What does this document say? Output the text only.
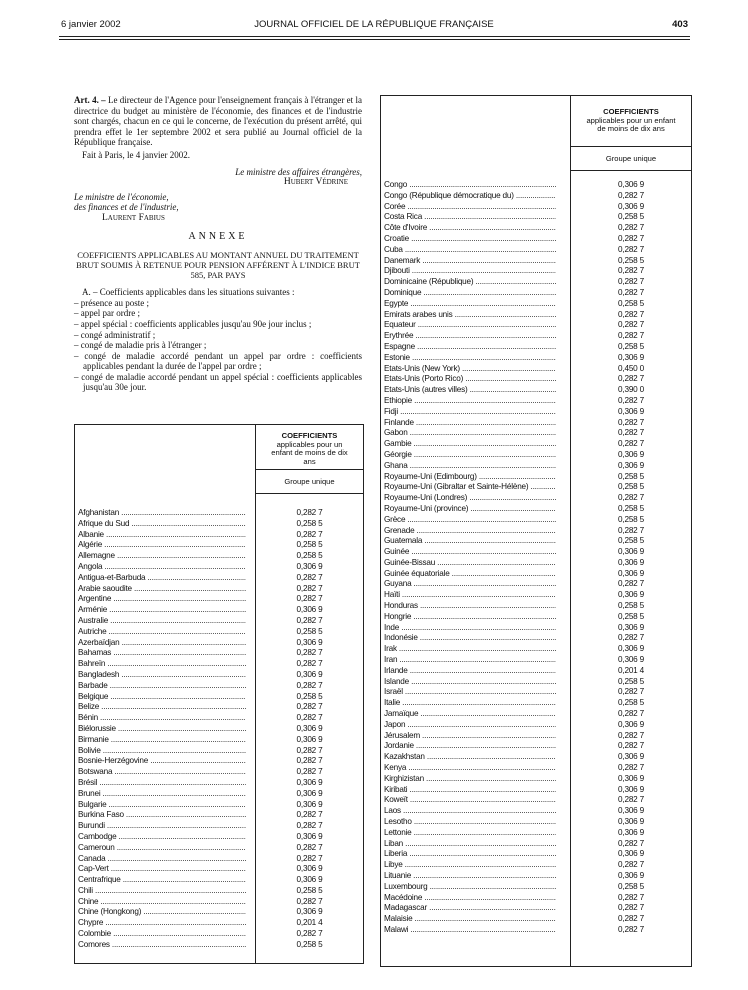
6 janvier 2002	JOURNAL OFFICIEL DE LA RÉPUBLIQUE FRANÇAISE	403

Art. 4. – Le directeur de l'Agence pour l'enseignement français à l'étranger et la directrice du budget au ministère de l'économie, des finances et de l'industrie sont chargés, chacun en ce qui le concerne, de l'exécution du présent arrêté, qui prendra effet le 1er septembre 2002 et sera publié au Journal officiel de la République française.

Fait à Paris, le 4 janvier 2002.

Le ministre des affaires étrangères,

Hubert Védrine

Le ministre de l'économie,

des finances et de l'industrie,

Laurent Fabius

ANNEXE

COEFFICIENTS APPLICABLES AU MONTANT ANNUEL DU TRAITEMENT BRUT SOUMIS À RETENUE POUR PENSION AFFÉRENT À L'INDICE BRUT 585, PAR PAYS

A. – Coefficients applicables dans les situations suivantes :

– présence au poste ;
– appel par ordre ;
– appel spécial : coefficients applicables jusqu'au 90e jour inclus ;
– congé administratif ;
– congé de maladie pris à l'étranger ;
– congé de maladie accordé pendant un appel par ordre : coefficients applicables pendant la durée de l'appel par ordre ;
– congé de maladie accordé pendant un appel spécial : coefficients applicables jusqu'au 30e jour.
COEFFICIENTS
applicables pour un enfant de moins de dix ans
Groupe unique
Afghanistan .....	0,282 7
Afrique du Sud .....	0,258 5
Albanie .....	0,282 7
Algérie .....	0,258 5
Allemagne .....	0,258 5
Angola .....	0,306 9
Antigua-et-Barbuda .....	0,282 7
Arabie saoudite .....	0,282 7
Argentine .....	0,282 7
Arménie .....	0,306 9
Australie .....	0,282 7
Autriche .....	0,258 5
Azerbaïdjan .....	0,306 9
Bahamas .....	0,282 7
Bahreïn .....	0,282 7
Bangladesh .....	0,306 9
Barbade .....	0,282 7
Belgique .....	0,258 5
Belize .....	0,282 7
Bénin .....	0,282 7
Biélorussie .....	0,306 9
Birmanie .....	0,306 9
Bolivie .....	0,282 7
Bosnie-Herzégovine .....	0,282 7
Botswana .....	0,282 7
Brésil .....	0,306 9
Brunei .....	0,306 9
Bulgarie .....	0,306 9
Burkina Faso .....	0,282 7
Burundi .....	0,282 7
Cambodge .....	0,306 9
Cameroun .....	0,282 7
Canada .....	0,282 7
Cap-Vert .....	0,306 9
Centrafrique .....	0,306 9
Chili .....	0,258 5
Chine .....	0,282 7
Chine (Hongkong) .....	0,306 9
Chypre .....	0,201 4
Colombie .....	0,282 7
Comores .....	0,258 5
COEFFICIENTS
applicables pour un enfant de moins de dix ans
Groupe unique
Congo .....	0,306 9
Congo (République démocratique du) .....	0,282 7
Corée .....	0,306 9
Costa Rica .....	0,258 5
Côte d'Ivoire .....	0,282 7
Croatie .....	0,282 7
Cuba .....	0,282 7
Danemark .....	0,258 5
Djibouti .....	0,282 7
Dominicaine (République) .....	0,282 7
Dominique .....	0,282 7
Egypte .....	0,258 5
Emirats arabes unis .....	0,282 7
Equateur .....	0,282 7
Erythrée .....	0,282 7
Espagne .....	0,258 5
Estonie .....	0,306 9
Etats-Unis (New York) .....	0,450 0
Etats-Unis (Porto Rico) .....	0,282 7
Etats-Unis (autres villes) .....	0,390 0
Ethiopie .....	0,282 7
Fidji .....	0,306 9
Finlande .....	0,282 7
Gabon .....	0,282 7
Gambie .....	0,282 7
Géorgie .....	0,306 9
Ghana .....	0,306 9
Royaume-Uni (Edimbourg) .....	0,258 5
Royaume-Uni (Gibraltar et Sainte-Hélène) .....	0,258 5
Royaume-Uni (Londres) .....	0,282 7
Royaume-Uni (province) .....	0,258 5
Grèce .....	0,258 5
Grenade .....	0,282 7
Guatemala .....	0,258 5
Guinée .....	0,306 9
Guinée-Bissau .....	0,306 9
Guinée équatoriale .....	0,306 9
Guyana .....	0,282 7
Haïti .....	0,306 9
Honduras .....	0,258 5
Hongrie .....	0,258 5
Inde .....	0,306 9
Indonésie .....	0,282 7
Irak .....	0,306 9
Iran .....	0,306 9
Irlande .....	0,201 4
Islande .....	0,258 5
Israël .....	0,282 7
Italie .....	0,258 5
Jamaïque .....	0,282 7
Japon .....	0,306 9
Jérusalem .....	0,282 7
Jordanie .....	0,282 7
Kazakhstan .....	0,306 9
Kenya .....	0,282 7
Kirghizistan .....	0,306 9
Kiribati .....	0,306 9
Koweït .....	0,282 7
Laos .....	0,306 9
Lesotho .....	0,306 9
Lettonie .....	0,306 9
Liban .....	0,282 7
Liberia .....	0,306 9
Libye .....	0,282 7
Lituanie .....	0,306 9
Luxembourg .....	0,258 5
Macédoine .....	0,282 7
Madagascar .....	0,282 7
Malaisie .....	0,282 7
Malawi .....	0,282 7
